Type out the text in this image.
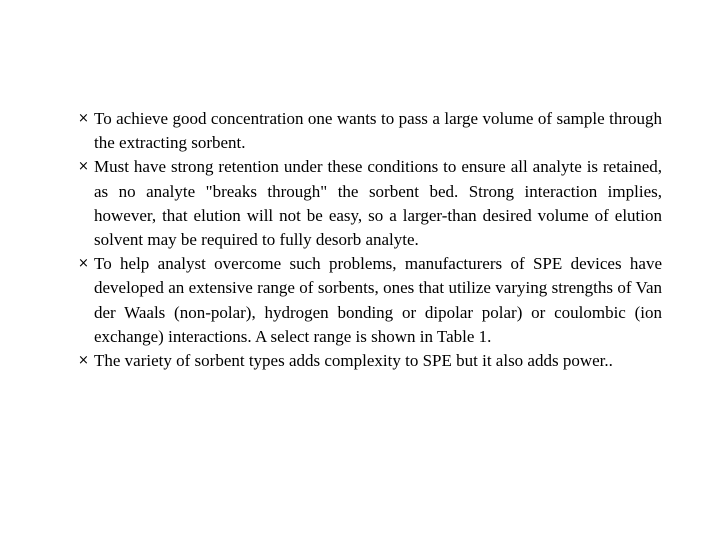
× To achieve good concentration one wants to pass a large volume of sample through the extracting sorbent.
× Must have strong retention under these conditions to ensure all analyte is retained, as no analyte "breaks through" the sorbent bed. Strong interaction implies, however, that elution will not be easy, so a larger-than desired volume of elution solvent may be required to fully desorb analyte.
× To help analyst overcome such problems, manufacturers of SPE devices have developed an extensive range of sorbents, ones that utilize varying strengths of Van der Waals (non-polar), hydrogen bonding or dipolar polar) or coulombic (ion exchange) interactions. A select range is shown in Table 1.
× The variety of sorbent types adds complexity to SPE but it also adds power..
